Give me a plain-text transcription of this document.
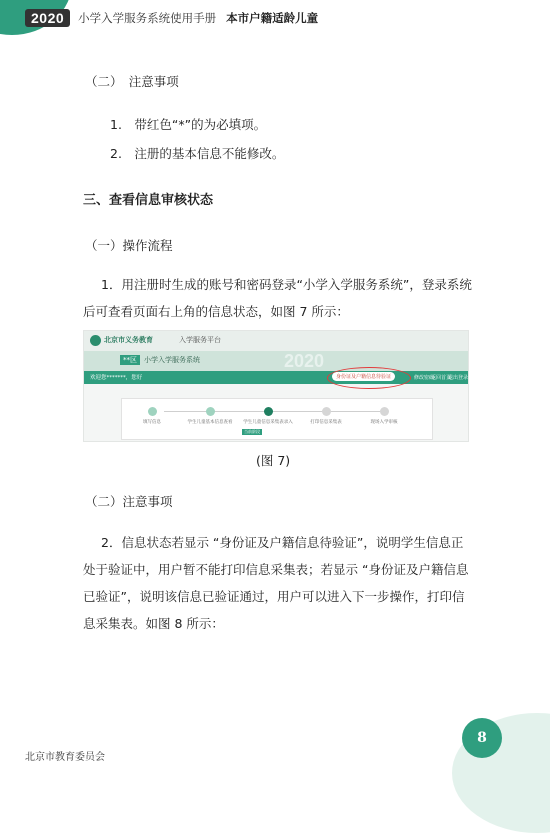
2020	小学入学服务系统使用手册 本市户籍适龄儿童
（二）　注意事项
1.　带红色“*”的为必填项。
2.　注册的基本信息不能修改。
三、查看信息审核状态
（一）操作流程
1．用注册时生成的账号和密码登录“小学入学服务系统”，登录系统后可查看页面右上角的信息状态，如图 7 所示：
北京市义务教育	入学服务平台
2020
**区	小学入学服务系统
欢迎您*******，您好	身份证及户籍信息待验证	修改密码
返回首页
退出登录
填写信息	学生儿童基本信息查看	学生儿童信息采集表录入	打印信息采集表	现场入学审核
当前阶段
(图 7)
（二）注意事项
2．信息状态若显示 “身份证及户籍信息待验证”，说明学生信息正处于验证中，用户暂不能打印信息采集表；若显示 “身份证及户籍信息已验证”，说明该信息已验证通过，用户可以进入下一步操作，打印信息采集表。如图 8 所示：
北京市教育委员会
8
